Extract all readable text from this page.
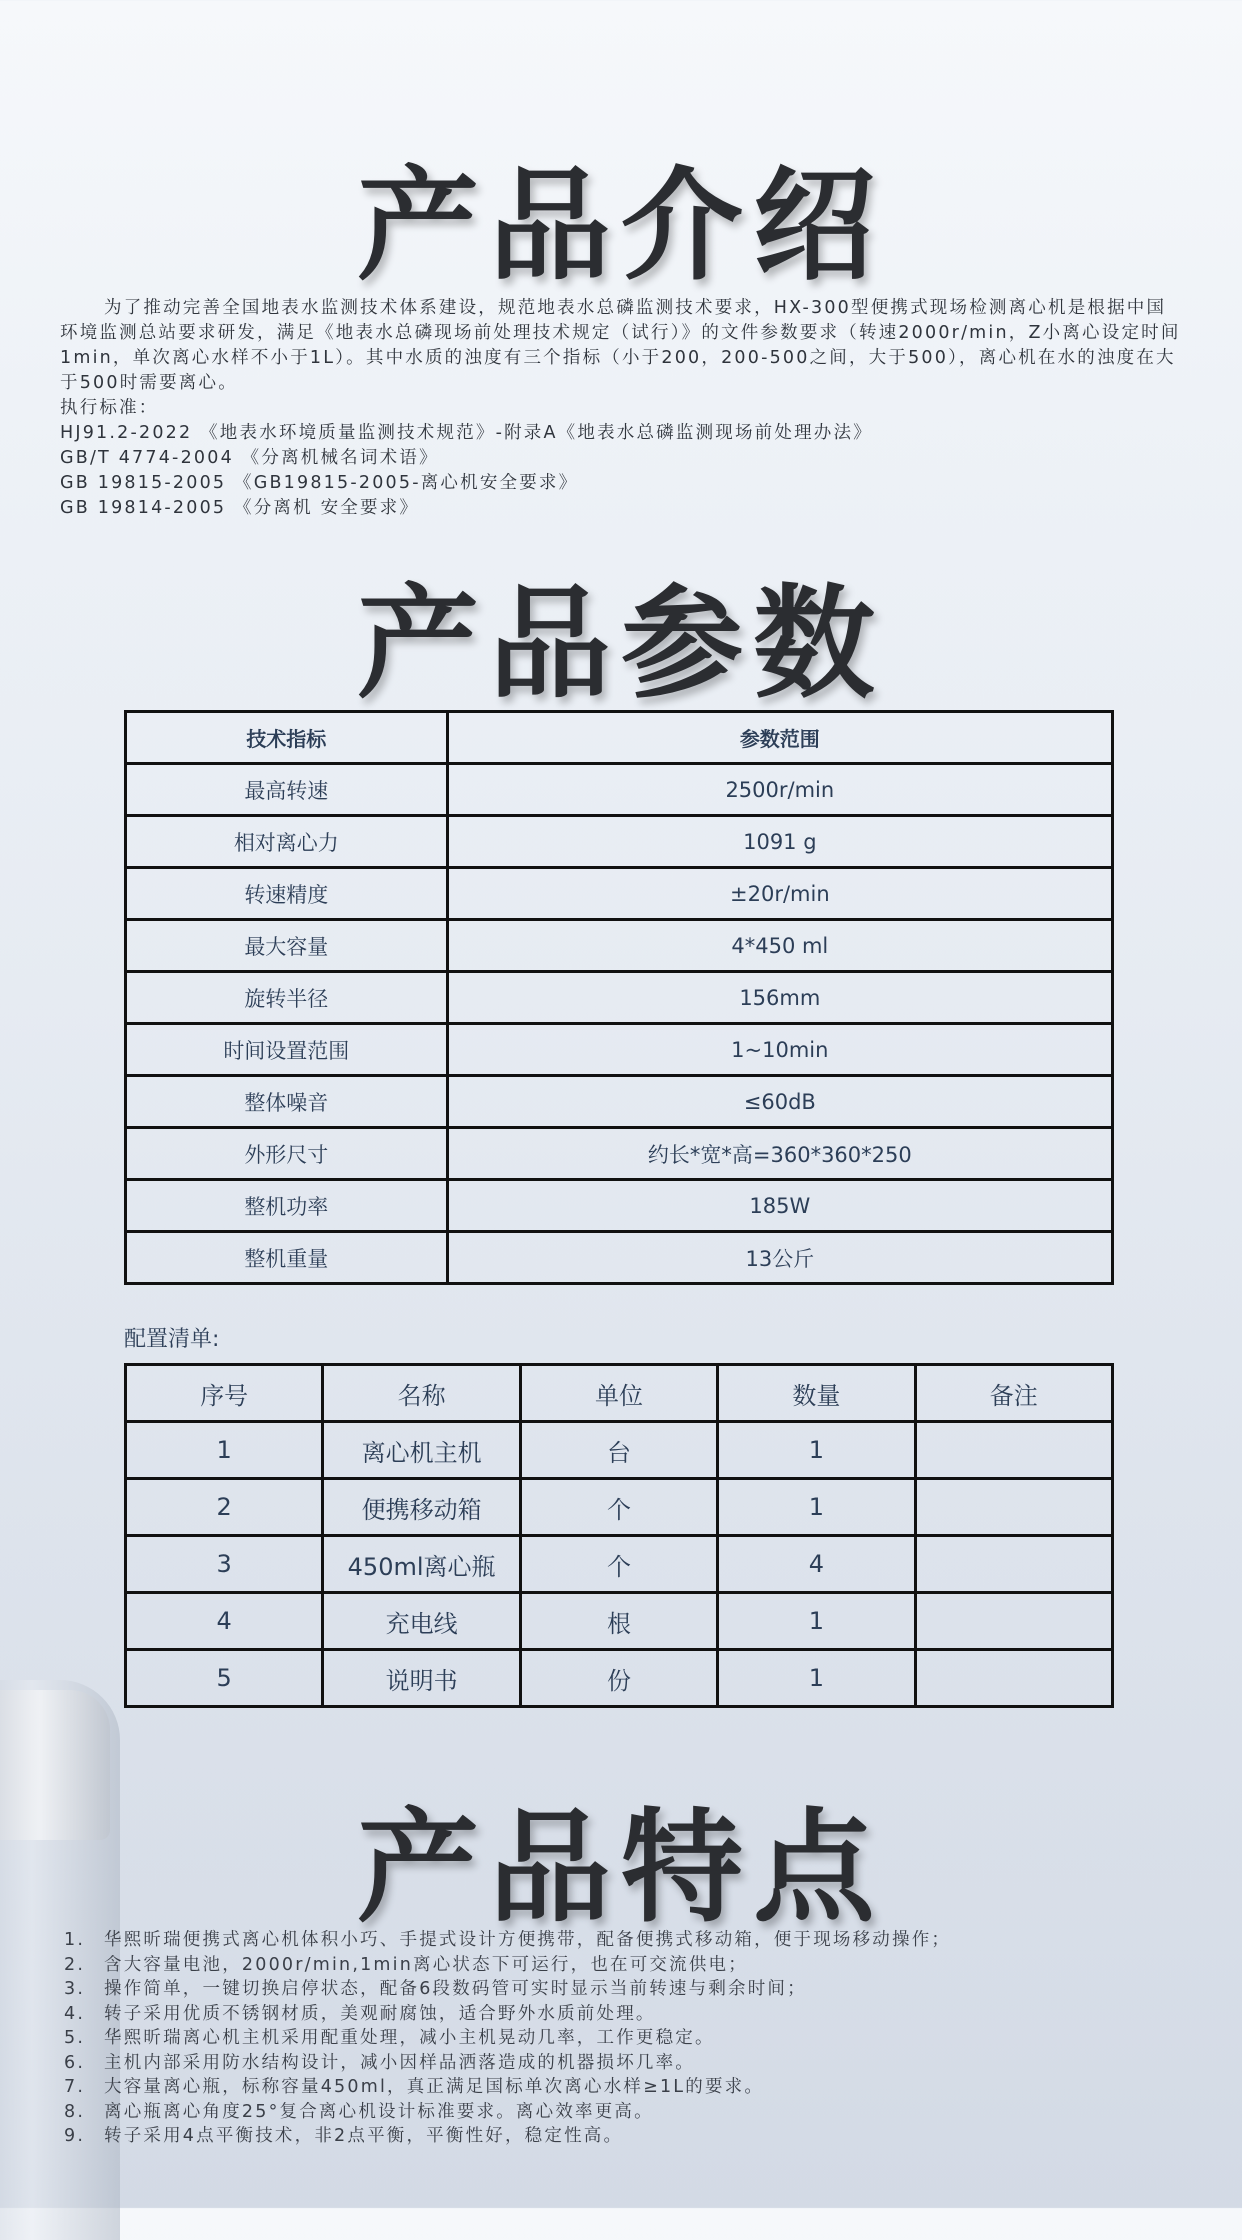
产品介绍

为了推动完善全国地表水监测技术体系建设，规范地表水总磷监测技术要求，HX-300型便携式现场检测离心机是根据中国环境监测总站要求研发，满足《地表水总磷现场前处理技术规定（试行）》的文件参数要求（转速2000r/min，Z小离心设定时间1min，单次离心水样不小于1L）。其中水质的浊度有三个指标（小于200，200-500之间，大于500），离心机在水的浊度在大于500时需要离心。

执行标准：

HJ91.2-2022 《地表水环境质量监测技术规范》-附录A《地表水总磷监测现场前处理办法》

GB/T 4774-2004 《分离机械名词术语》

GB 19815-2005 《GB19815-2005-离心机安全要求》

GB 19814-2005 《分离机 安全要求》

产品参数
技术指标	参数范围
最高转速	2500r/min
相对离心力	1091 g
转速精度	±20r/min
最大容量	4*450 ml
旋转半径	156mm
时间设置范围	1~10min
整体噪音	≤60dB
外形尺寸	约长*宽*高=360*360*250
整机功率	185W
整机重量	13公斤
配置清单:
序号	名称	单位	数量	备注
1	离心机主机	台	1	
2	便携移动箱	个	1	
3	450ml离心瓶	个	4	
4	充电线	根	1	
5	说明书	份	1	
产品特点
1.	华熙昕瑞便携式离心机体积小巧、手提式设计方便携带，配备便携式移动箱，便于现场移动操作；
2.	含大容量电池，2000r/min,1min离心状态下可运行，也在可交流供电；
3.	操作简单，一键切换启停状态，配备6段数码管可实时显示当前转速与剩余时间；
4.	转子采用优质不锈钢材质，美观耐腐蚀，适合野外水质前处理。
5.	华熙昕瑞离心机主机采用配重处理，减小主机晃动几率，工作更稳定。
6.	主机内部采用防水结构设计，减小因样品洒落造成的机器损坏几率。
7.	大容量离心瓶，标称容量450ml，真正满足国标单次离心水样≥1L的要求。
8.	离心瓶离心角度25°复合离心机设计标准要求。离心效率更高。
9.	转子采用4点平衡技术，非2点平衡，平衡性好，稳定性高。
